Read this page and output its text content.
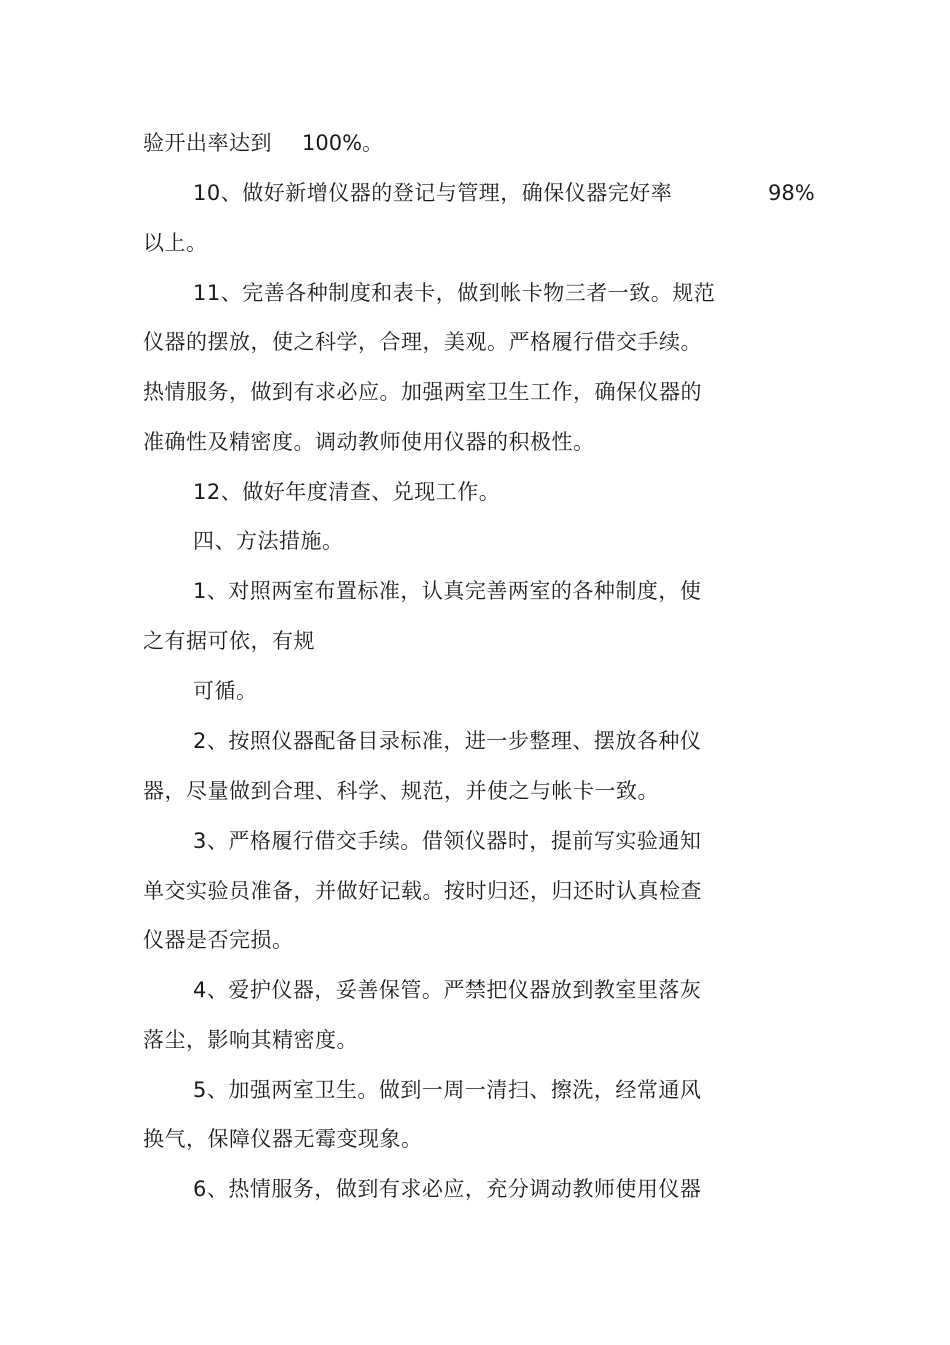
验开出率达到 100%。
10、做好新增仪器的登记与管理，确保仪器完好率	98%
以上。
11、完善各种制度和表卡，做到帐卡物三者一致。规范
仪器的摆放，使之科学，合理，美观。严格履行借交手续。
热情服务，做到有求必应。加强两室卫生工作，确保仪器的
准确性及精密度。调动教师使用仪器的积极性。
12、做好年度清查、兑现工作。
四、方法措施。
1、对照两室布置标准，认真完善两室的各种制度，使
之有据可依，有规
可循。
2、按照仪器配备目录标准，进一步整理、摆放各种仪
器，尽量做到合理、科学、规范，并使之与帐卡一致。
3、严格履行借交手续。借领仪器时，提前写实验通知
单交实验员准备，并做好记载。按时归还，归还时认真检查
仪器是否完损。
4、爱护仪器，妥善保管。严禁把仪器放到教室里落灰
落尘，影响其精密度。
5、加强两室卫生。做到一周一清扫、擦洗，经常通风
换气，保障仪器无霉变现象。
6、热情服务，做到有求必应，充分调动教师使用仪器
